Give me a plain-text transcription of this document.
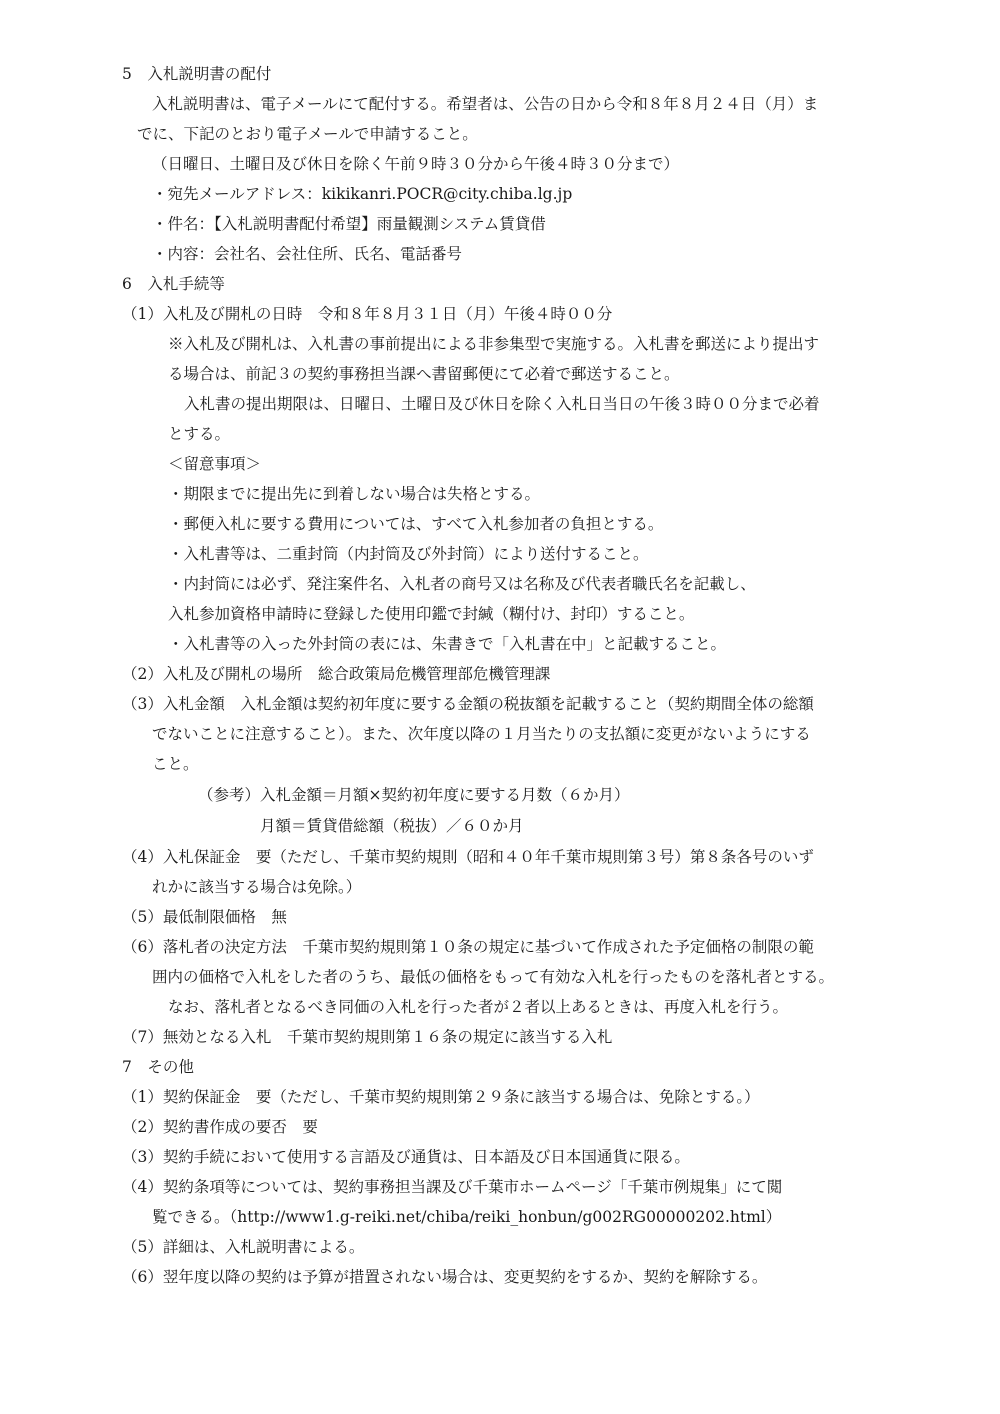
5　入札説明書の配付
入札説明書は、電子メールにて配付する。希望者は、公告の日から令和８年８月２４日（月）ま
でに、下記のとおり電子メールで申請すること。
（日曜日、土曜日及び休日を除く午前９時３０分から午後４時３０分まで）
・宛先メールアドレス：kikikanri.POCR@city.chiba.lg.jp
・件名：【入札説明書配付希望】雨量観測システム賃貸借
・内容：会社名、会社住所、氏名、電話番号
6　入札手続等
（1）入札及び開札の日時　令和８年８月３１日（月）午後４時００分
※入札及び開札は、入札書の事前提出による非参集型で実施する。入札書を郵送により提出す
る場合は、前記３の契約事務担当課へ書留郵便にて必着で郵送すること。
入札書の提出期限は、日曜日、土曜日及び休日を除く入札日当日の午後３時００分まで必着
とする。
＜留意事項＞
・期限までに提出先に到着しない場合は失格とする。
・郵便入札に要する費用については、すべて入札参加者の負担とする。
・入札書等は、二重封筒（内封筒及び外封筒）により送付すること。
・内封筒には必ず、発注案件名、入札者の商号又は名称及び代表者職氏名を記載し、
入札参加資格申請時に登録した使用印鑑で封緘（糊付け、封印）すること。
・入札書等の入った外封筒の表には、朱書きで「入札書在中」と記載すること。
（2）入札及び開札の場所　総合政策局危機管理部危機管理課
（3）入札金額　入札金額は契約初年度に要する金額の税抜額を記載すること（契約期間全体の総額
でないことに注意すること）。また、次年度以降の１月当たりの支払額に変更がないようにする
こと。
（参考）入札金額＝月額×契約初年度に要する月数（６か月）
月額＝賃貸借総額（税抜）／６０か月
（4）入札保証金　要（ただし、千葉市契約規則（昭和４０年千葉市規則第３号）第８条各号のいず
れかに該当する場合は免除。）
（5）最低制限価格　無
（6）落札者の決定方法　千葉市契約規則第１０条の規定に基づいて作成された予定価格の制限の範
囲内の価格で入札をした者のうち、最低の価格をもって有効な入札を行ったものを落札者とする。
なお、落札者となるべき同価の入札を行った者が２者以上あるときは、再度入札を行う。
（7）無効となる入札　千葉市契約規則第１６条の規定に該当する入札
7　その他
（1）契約保証金　要（ただし、千葉市契約規則第２９条に該当する場合は、免除とする。）
（2）契約書作成の要否　要
（3）契約手続において使用する言語及び通貨は、日本語及び日本国通貨に限る。
（4）契約条項等については、契約事務担当課及び千葉市ホームページ「千葉市例規集」にて閲
覧できる。（http://www1.g-reiki.net/chiba/reiki_honbun/g002RG00000202.html）
（5）詳細は、入札説明書による。
（6）翌年度以降の契約は予算が措置されない場合は、変更契約をするか、契約を解除する。
